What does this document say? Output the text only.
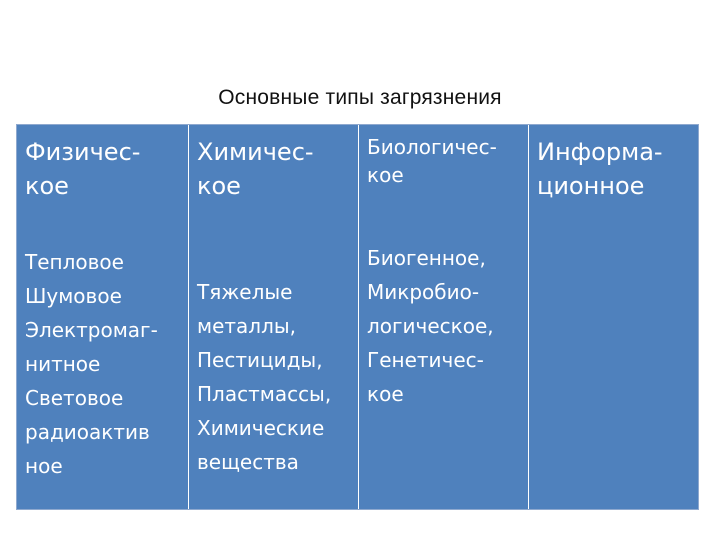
Основные типы загрязнения
Физичес-
кое
Тепловое
Шумовое
Электромаг-
нитное
Световое
радиоактив
ное
Химичес-
кое
Тяжелые
металлы,
Пестициды,
Пластмассы,
Химические
вещества
Биологичес-
кое
Биогенное,
Микробио-
логическое,
Генетичес-
кое
Информа-
ционное
